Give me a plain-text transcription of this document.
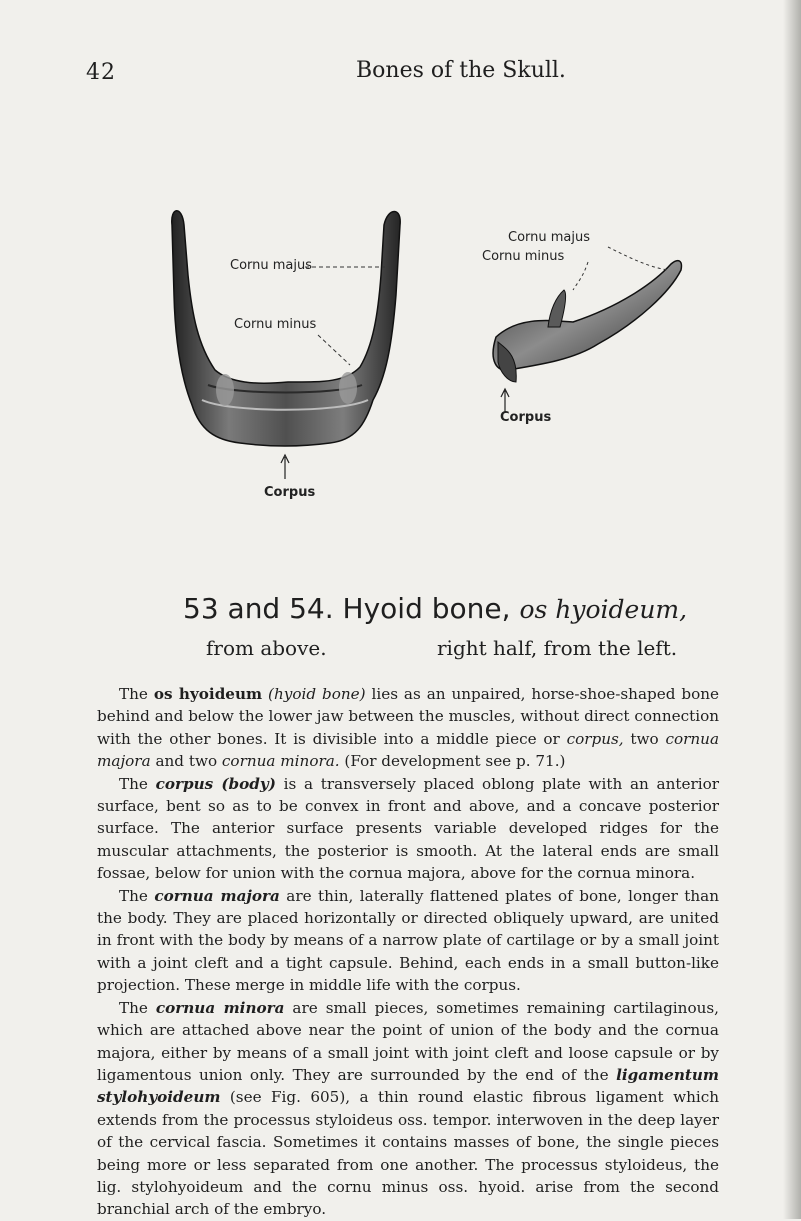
42	Bones of the Skull.
Cornu majus
Cornu minus
Corpus
Cornu majus
Cornu minus
Corpus
53 and 54. Hyoid bone, os hyoideum,
from above.	right half, from the left.

The os hyoideum (hyoid bone) lies as an unpaired, horse-shoe-shaped bone behind and below the lower jaw between the muscles, without direct connection with the other bones. It is divisible into a middle piece or corpus, two cornua majora and two cornua minora. (For development see p. 71.)

The corpus (body) is a transversely placed oblong plate with an anterior surface, bent so as to be convex in front and above, and a concave posterior surface. The anterior surface presents variable developed ridges for the muscular attachments, the posterior is smooth. At the lateral ends are small fossae, below for union with the cornua majora, above for the cornua minora.

The cornua majora are thin, laterally flattened plates of bone, longer than the body. They are placed horizontally or directed obliquely upward, are united in front with the body by means of a narrow plate of cartilage or by a small joint with a joint cleft and a tight capsule. Behind, each ends in a small button-like projection. These merge in middle life with the corpus.

The cornua minora are small pieces, sometimes remaining cartilaginous, which are attached above near the point of union of the body and the cornua majora, either by means of a small joint with joint cleft and loose capsule or by ligamentous union only. They are surrounded by the end of the ligamentum stylohyoideum (see Fig. 605), a thin round elastic fibrous ligament which extends from the processus styloideus oss. tempor. interwoven in the deep layer of the cervical fascia. Sometimes it contains masses of bone, the single pieces being more or less separated from one another. The processus styloideus, the lig. stylohyoideum and the cornu minus oss. hyoid. arise from the second branchial arch of the embryo.
